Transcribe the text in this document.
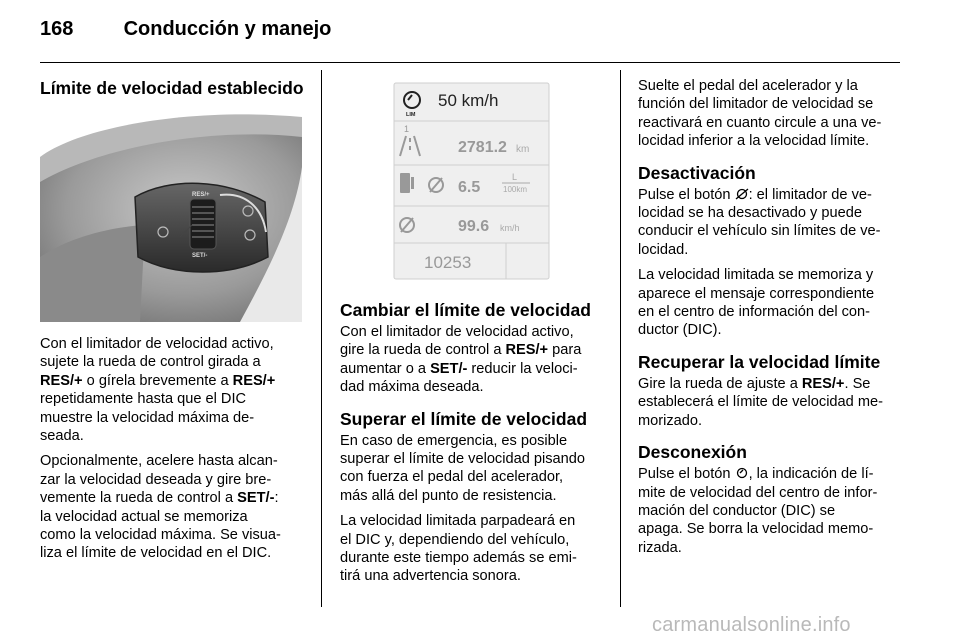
168	Conducción y manejo
Límite de velocidad establecido
RES/+
SET/-

Con el limitador de velocidad activo,
sujete la rueda de control girada a
RES/+ o gírela brevemente a RES/+
repetidamente hasta que el DIC
muestre la velocidad máxima de-
seada.

Opcionalmente, acelere hasta alcan-
zar la velocidad deseada y gire bre-
vemente la rueda de control a SET/-:
la velocidad actual se memoriza
como la velocidad máxima. Se visua-
liza el límite de velocidad en el DIC.

LIM
50 km/h
1
2781.2 km
6.5
L
100km
99.6 km/h
10253
Cambiar el límite de velocidad

Con el limitador de velocidad activo,
gire la rueda de control a RES/+ para
aumentar o a SET/- reducir la veloci-
dad máxima deseada.

Superar el límite de velocidad

En caso de emergencia, es posible
superar el límite de velocidad pisando
con fuerza el pedal del acelerador,
más allá del punto de resistencia.

La velocidad limitada parpadeará en
el DIC y, dependiendo del vehículo,
durante este tiempo además se emi-
tirá una advertencia sonora.

Suelte el pedal del acelerador y la
función del limitador de velocidad se
reactivará en cuanto circule a una ve-
locidad inferior a la velocidad límite.

Desactivación

Pulse el botón : el limitador de ve-
locidad se ha desactivado y puede
conducir el vehículo sin límites de ve-
locidad.

La velocidad limitada se memoriza y
aparece el mensaje correspondiente
en el centro de información del con-
ductor (DIC).

Recuperar la velocidad límite

Gire la rueda de ajuste a RES/+. Se
establecerá el límite de velocidad me-
morizado.

Desconexión

Pulse el botón , la indicación de lí-
mite de velocidad del centro de infor-
mación del conductor (DIC) se
apaga. Se borra la velocidad memo-
rizada.

carmanualsonline.info
